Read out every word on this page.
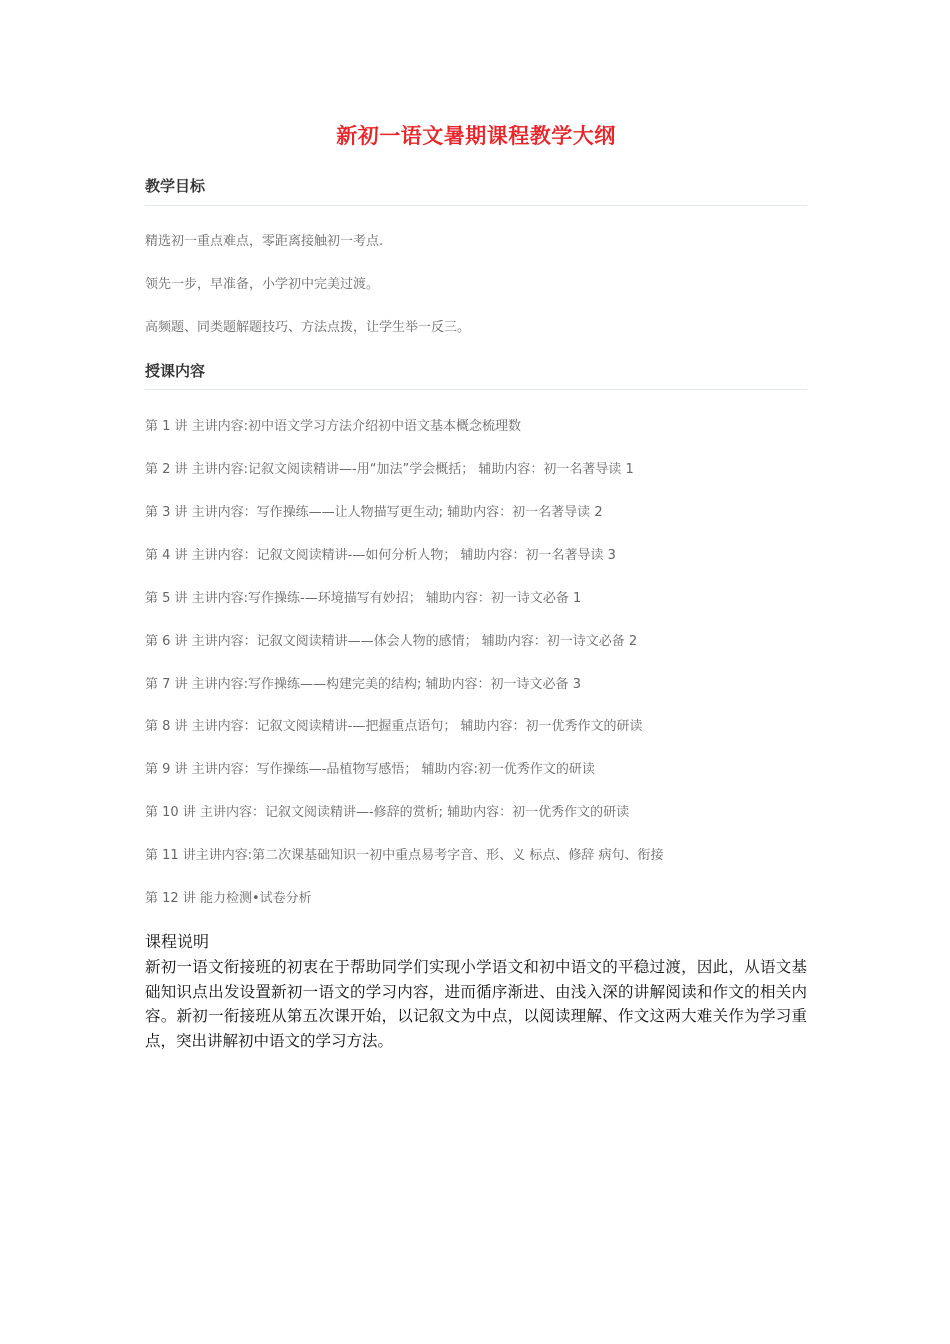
新初一语文暑期课程教学大纲
教学目标
精选初一重点难点，零距离接触初一考点.
领先一步，早准备，小学初中完美过渡。
高频题、同类题解题技巧、方法点拨，让学生举一反三。
授课内容
第 1 讲 主讲内容:初中语文学习方法介绍初中语文基本概念梳理数
第 2 讲 主讲内容:记叙文阅读精讲—-用“加法”学会概括； 辅助内容：初一名著导读 1
第 3 讲 主讲内容：写作操练——让人物描写更生动; 辅助内容：初一名著导读 2
第 4 讲 主讲内容：记叙文阅读精讲-—如何分析人物； 辅助内容：初一名著导读 3
第 5 讲 主讲内容:写作操练-—环境描写有妙招； 辅助内容：初一诗文必备 1
第 6 讲 主讲内容：记叙文阅读精讲——体会人物的感情； 辅助内容：初一诗文必备 2
第 7 讲 主讲内容:写作操练——构建完美的结构; 辅助内容：初一诗文必备 3
第 8 讲 主讲内容：记叙文阅读精讲-—把握重点语句； 辅助内容：初一优秀作文的研读
第 9 讲 主讲内容：写作操练—-品植物写感悟； 辅助内容:初一优秀作文的研读
第 10 讲 主讲内容：记叙文阅读精讲—-修辞的赏析; 辅助内容：初一优秀作文的研读
第 11 讲主讲内容:第二次课基础知识一初中重点易考字音、形、义 标点、修辞 病句、衔接
第 12 讲 能力检测•试卷分析
课程说明
新初一语文衔接班的初衷在于帮助同学们实现小学语文和初中语文的平稳过渡，因此，从语文基础知识点出发设置新初一语文的学习内容，进而循序渐进、由浅入深的讲解阅读和作文的相关内容。新初一衔接班从第五次课开始，以记叙文为中点，以阅读理解、作文这两大难关作为学习重点，突出讲解初中语文的学习方法。
